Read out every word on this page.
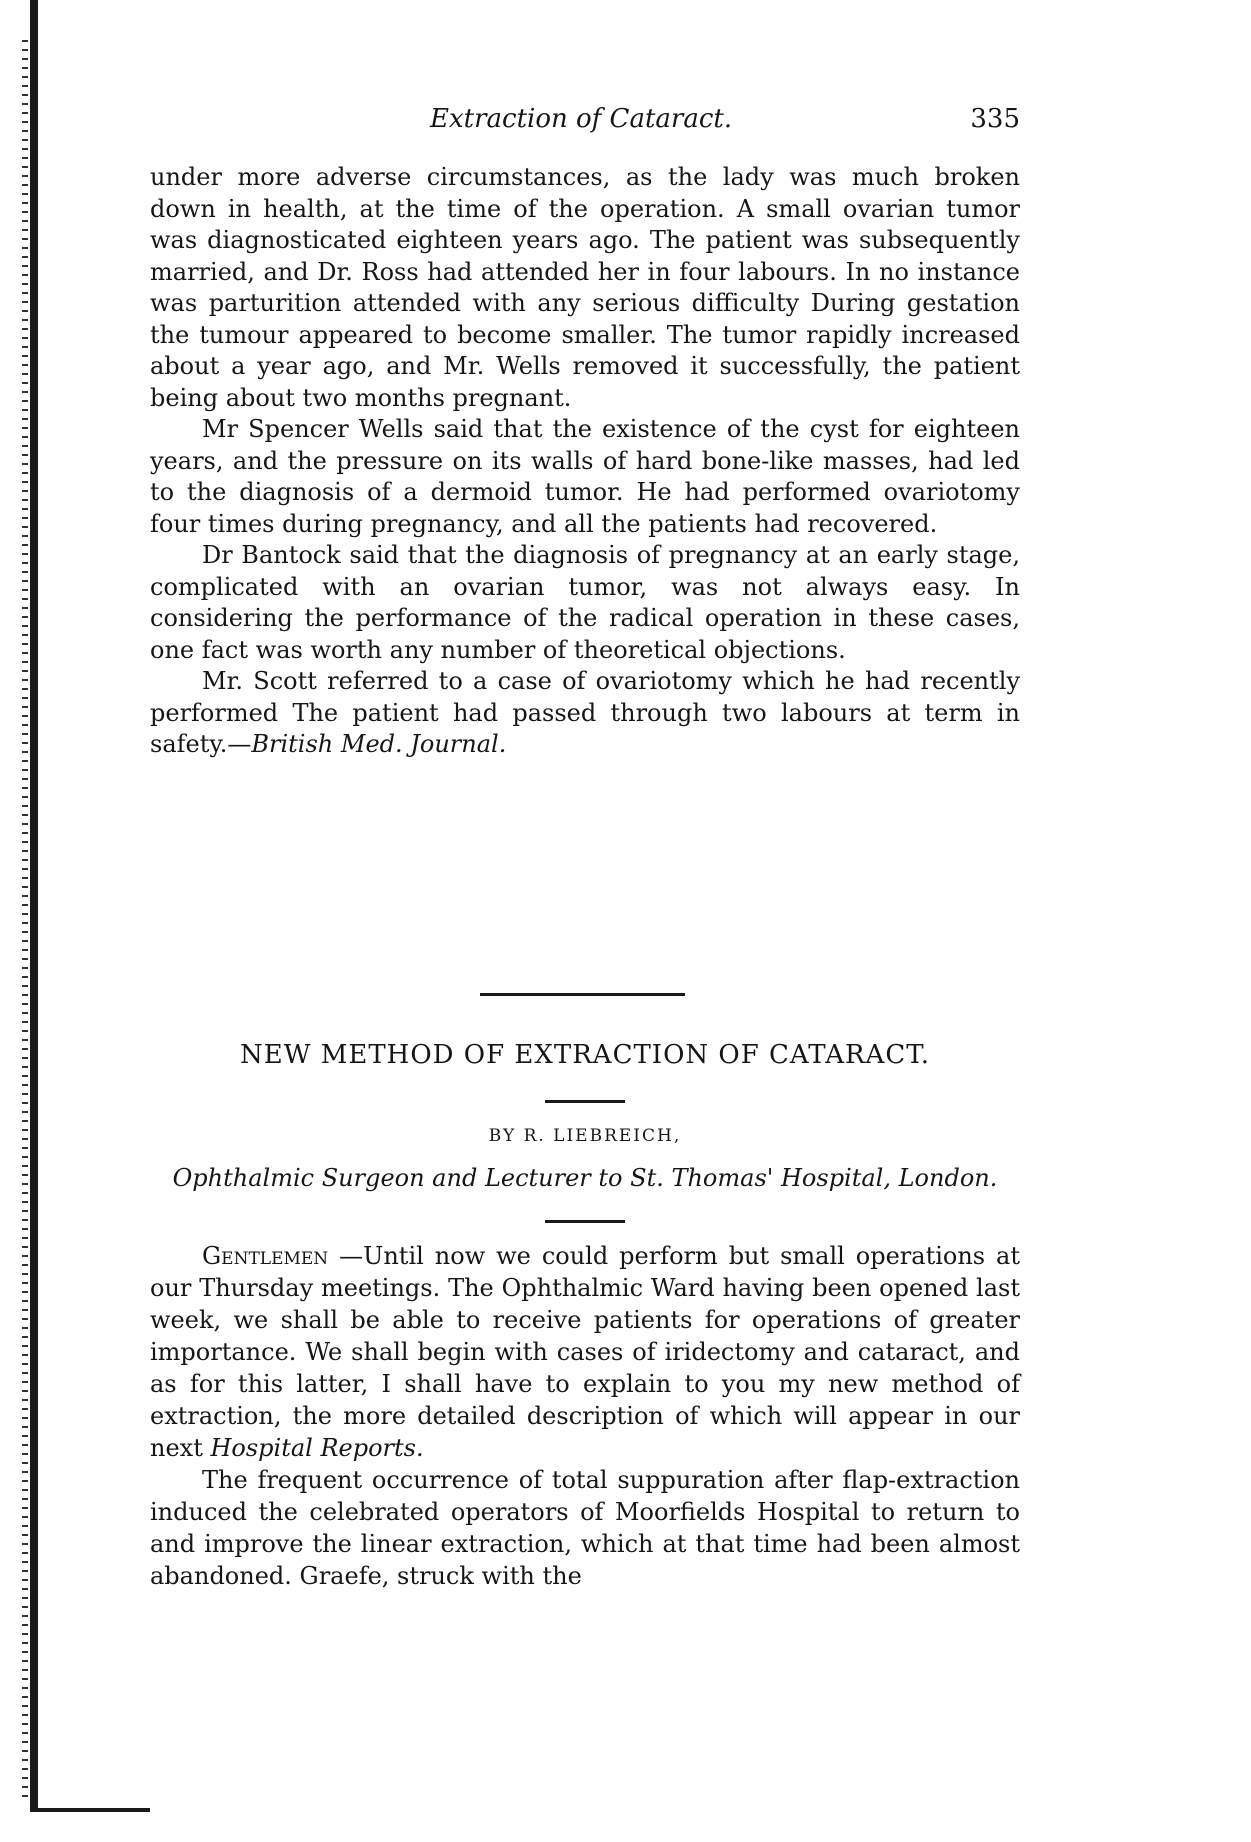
Extraction of Cataract.	335

under more adverse circumstances, as the lady was much broken down in health, at the time of the operation. A small ovarian tumor was diagnosticated eighteen years ago. The patient was subsequently married, and Dr. Ross had attended her in four labours. In no instance was parturition attended with any serious difficulty During gestation the tumour appeared to become smaller. The tumor rapidly increased about a year ago, and Mr. Wells removed it successfully, the patient being about two months pregnant.

Mr Spencer Wells said that the existence of the cyst for eighteen years, and the pressure on its walls of hard bone-like masses, had led to the diagnosis of a dermoid tumor. He had performed ovariotomy four times during pregnancy, and all the patients had recovered.

Dr Bantock said that the diagnosis of pregnancy at an early stage, complicated with an ovarian tumor, was not always easy. In considering the performance of the radical operation in these cases, one fact was worth any number of theoretical objections.

Mr. Scott referred to a case of ovariotomy which he had recently performed The patient had passed through two labours at term in safety.—British Med. Journal.

NEW METHOD OF EXTRACTION OF CATARACT.
BY R. LIEBREICH,
Ophthalmic Surgeon and Lecturer to St. Thomas' Hospital, London.

Gentlemen —Until now we could perform but small operations at our Thursday meetings. The Ophthalmic Ward having been opened last week, we shall be able to receive patients for operations of greater importance. We shall begin with cases of iridectomy and cataract, and as for this latter, I shall have to explain to you my new method of extraction, the more detailed description of which will appear in our next Hospital Reports.

The frequent occurrence of total suppuration after flap-extraction induced the celebrated operators of Moorfields Hospital to return to and improve the linear extraction, which at that time had been almost abandoned. Graefe, struck with the
